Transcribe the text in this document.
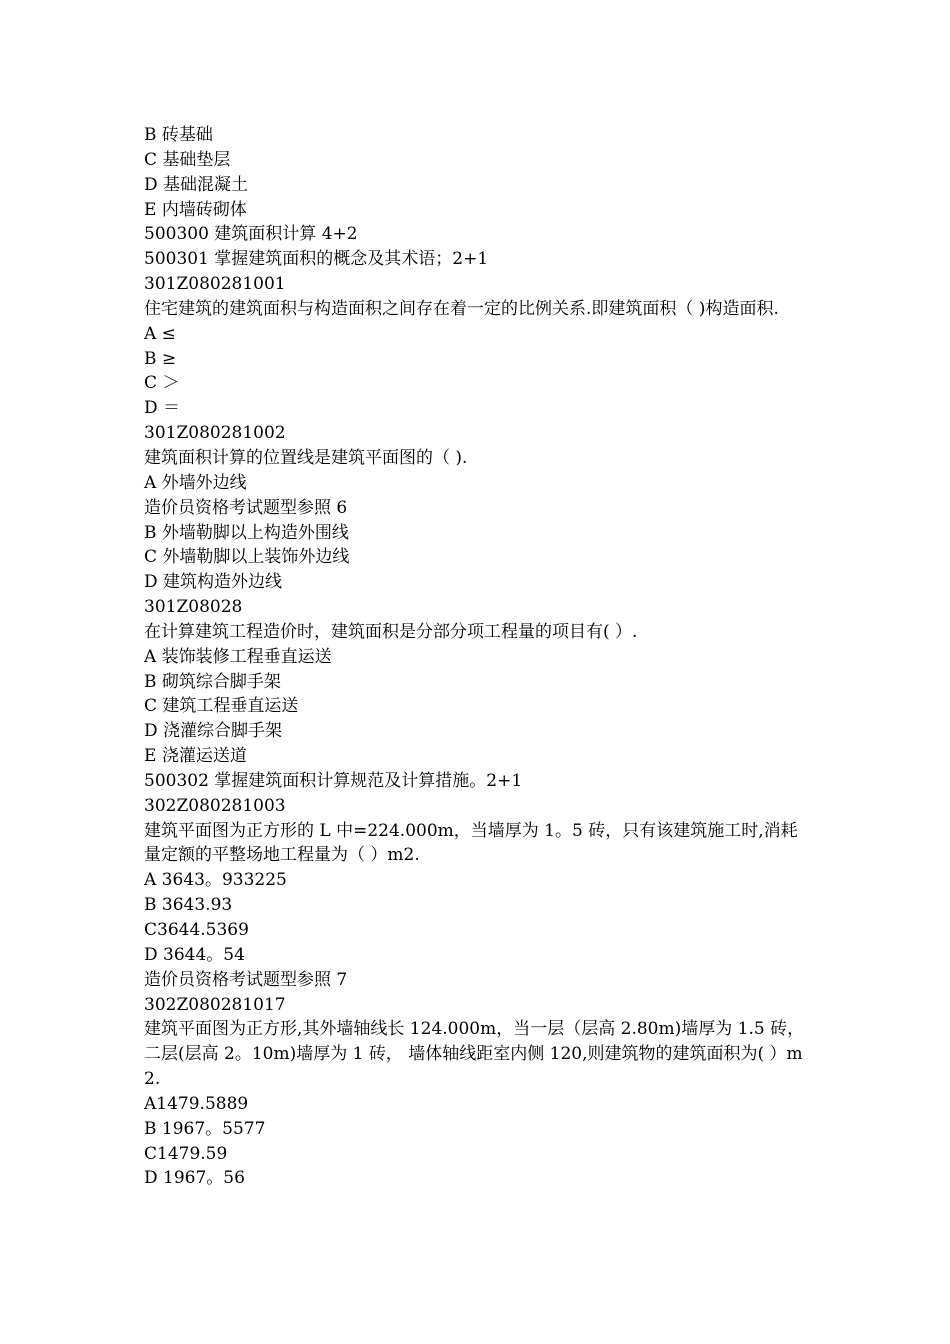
B 砖基础

C 基础垫层

D 基础混凝土

E 内墙砖砌体

500300 建筑面积计算 4+2

500301 掌握建筑面积的概念及其术语；2+1

301Z080281001

住宅建筑的建筑面积与构造面积之间存在着一定的比例关系.即建筑面积（ )构造面积.

A ≤

B ≥

C ＞

D ＝

301Z080281002

建筑面积计算的位置线是建筑平面图的（ ).

A 外墙外边线

造价员资格考试题型参照 6

B 外墙勒脚以上构造外围线

C 外墙勒脚以上装饰外边线

D 建筑构造外边线

301Z08028

在计算建筑工程造价时，建筑面积是分部分项工程量的项目有( ）.

A 装饰装修工程垂直运送

B 砌筑综合脚手架

C 建筑工程垂直运送

D 浇灌综合脚手架

E 浇灌运送道

500302 掌握建筑面积计算规范及计算措施。2+1

302Z080281003

建筑平面图为正方形的 L 中=224.000m，当墙厚为 1。5 砖，只有该建筑施工时,消耗量定额的平整场地工程量为（ ）m2.

A 3643。933225

B 3643.93

C3644.5369

D 3644。54

造价员资格考试题型参照 7

302Z080281017

建筑平面图为正方形,其外墙轴线长 124.000m，当一层（层高 2.80m)墙厚为 1.5 砖，二层(层高 2。10m)墙厚为 1 砖， 墙体轴线距室内侧 120,则建筑物的建筑面积为( ）m2.

A1479.5889

B 1967。5577

C1479.59

D 1967。56
